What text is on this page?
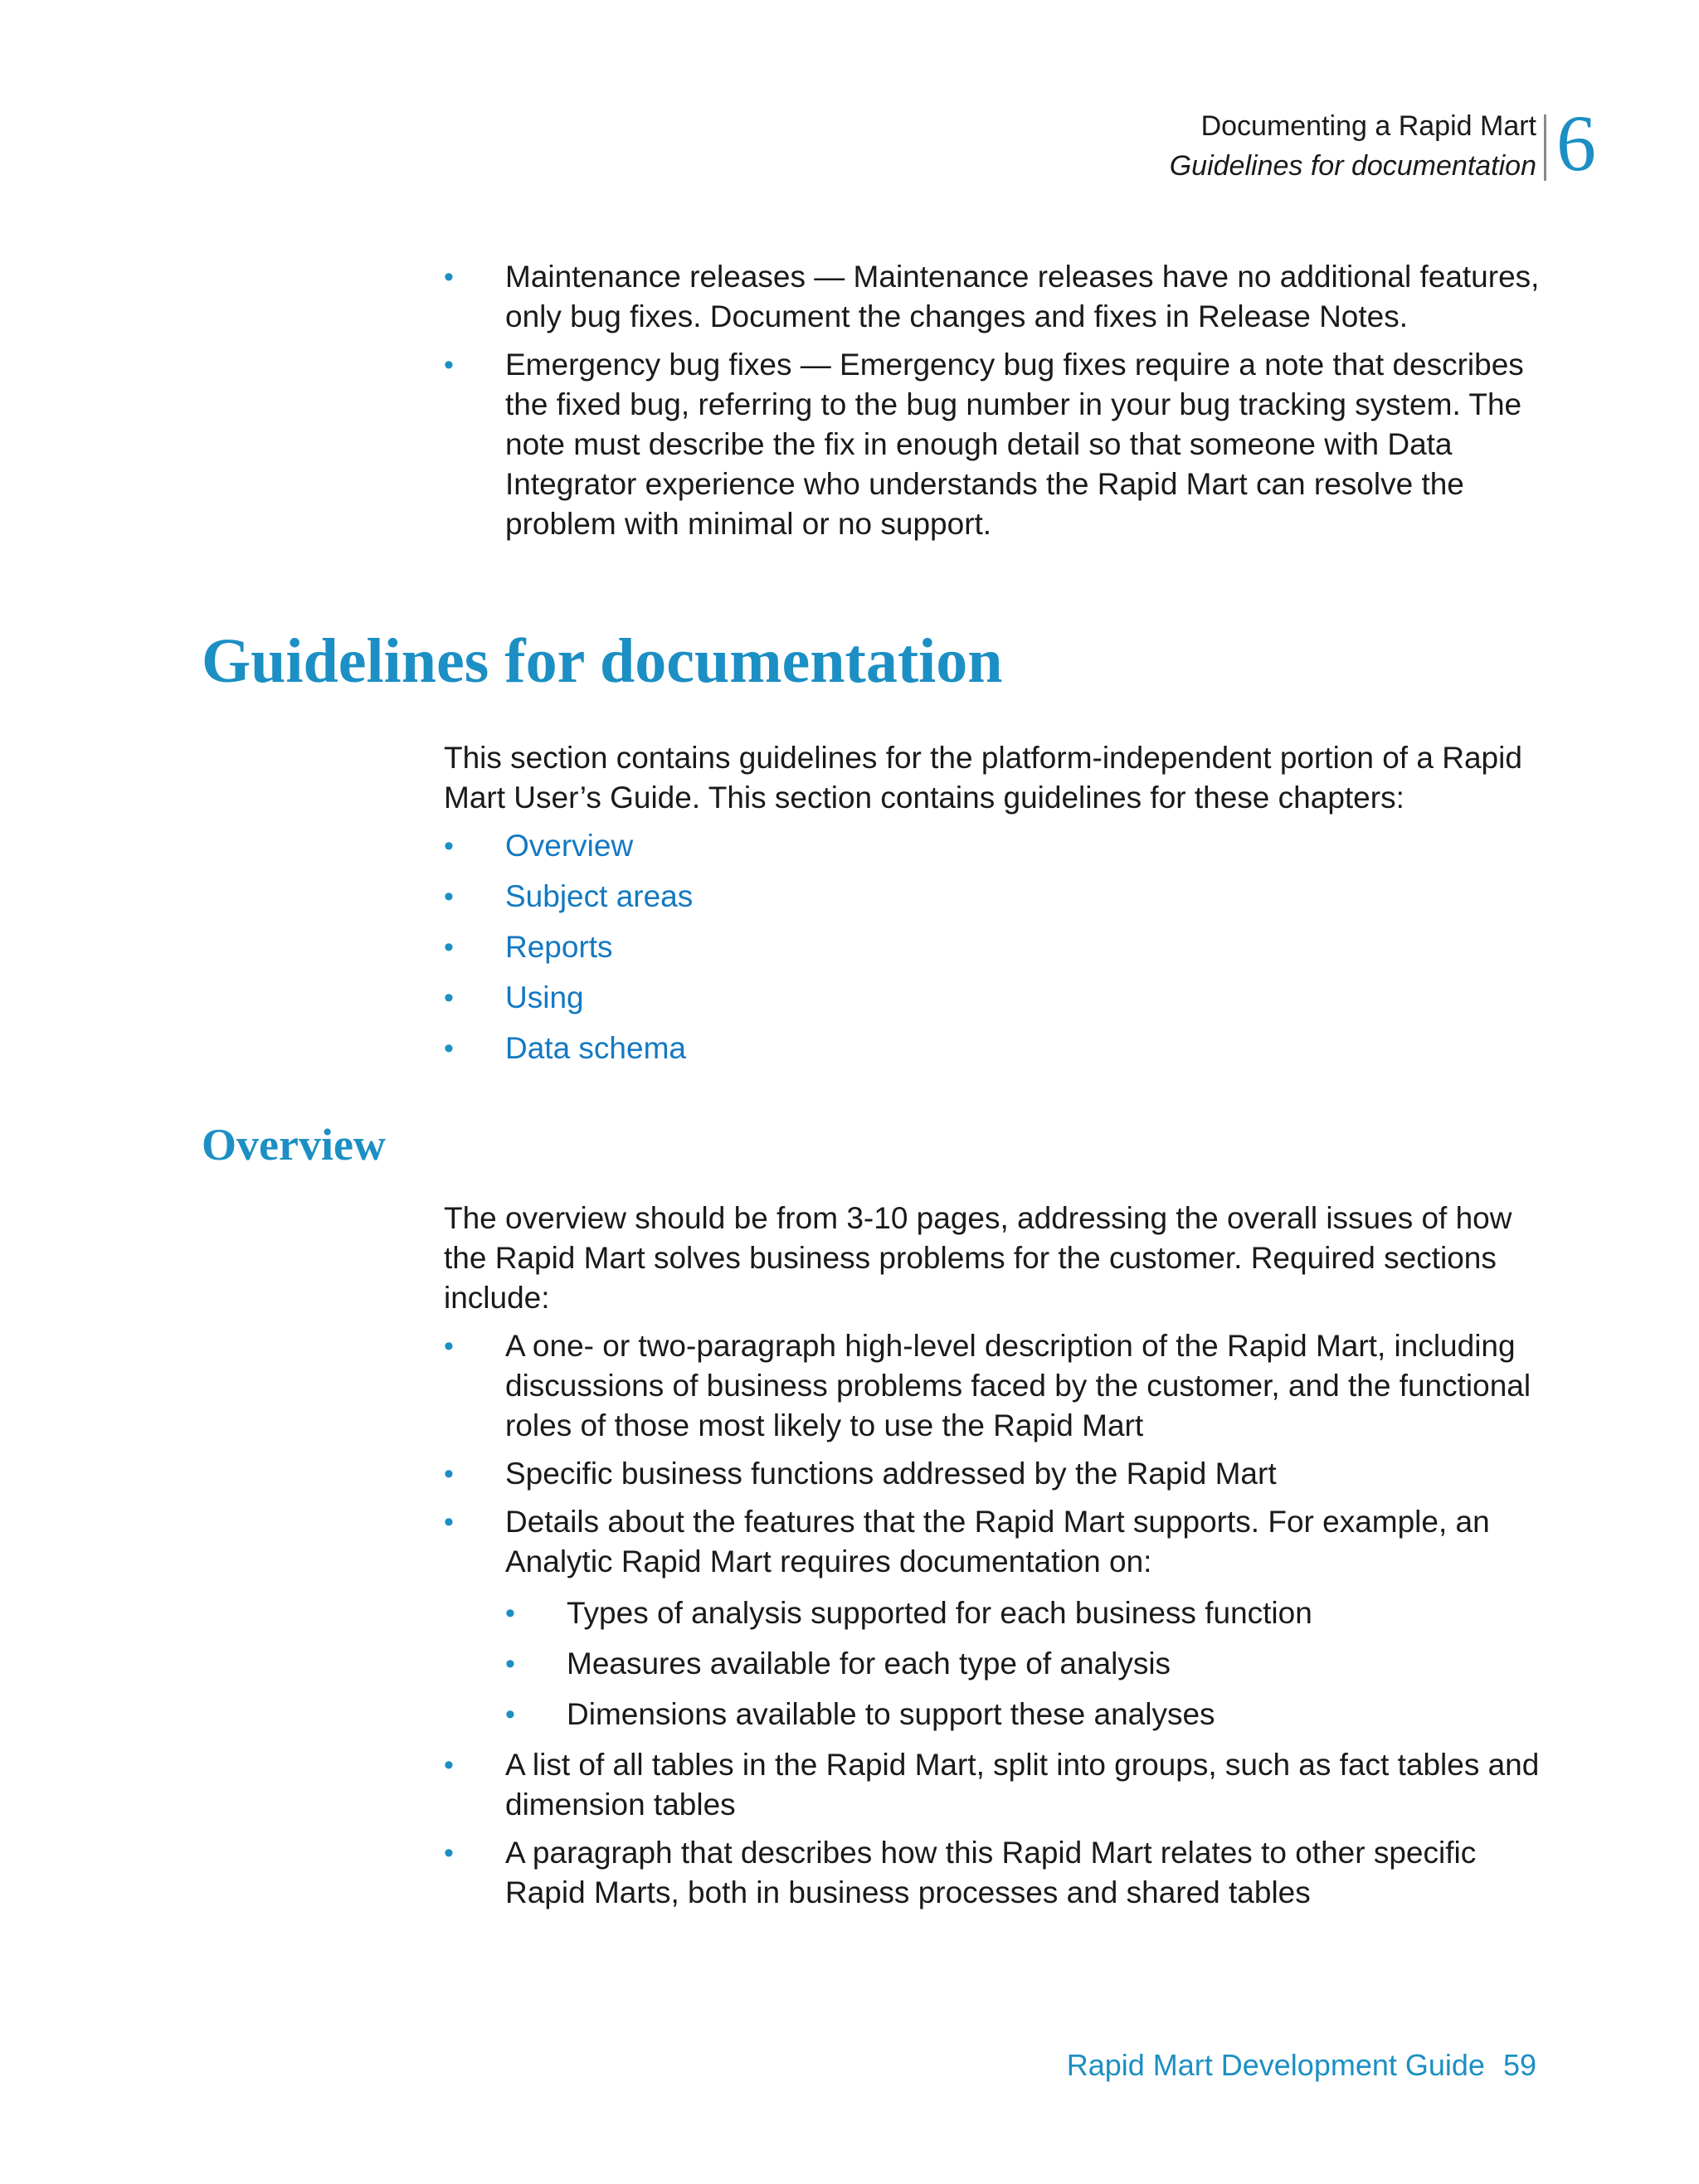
Documenting a Rapid Mart
Guidelines for documentation 6
• Maintenance releases — Maintenance releases have no additional features, only bug fixes. Document the changes and fixes in Release Notes.
• Emergency bug fixes — Emergency bug fixes require a note that describes the fixed bug, referring to the bug number in your bug tracking system. The note must describe the fix in enough detail so that someone with Data Integrator experience who understands the Rapid Mart can resolve the problem with minimal or no support.
Guidelines for documentation

This section contains guidelines for the platform-independent portion of a Rapid Mart User’s Guide. This section contains guidelines for these chapters:

• Overview
• Subject areas
• Reports
• Using
• Data schema
Overview

The overview should be from 3-10 pages, addressing the overall issues of how the Rapid Mart solves business problems for the customer. Required sections include:

• A one- or two-paragraph high-level description of the Rapid Mart, including discussions of business problems faced by the customer, and the functional roles of those most likely to use the Rapid Mart
• Specific business functions addressed by the Rapid Mart
• Details about the features that the Rapid Mart supports. For example, an Analytic Rapid Mart requires documentation on:
• Types of analysis supported for each business function
• Measures available for each type of analysis
• Dimensions available to support these analyses
• A list of all tables in the Rapid Mart, split into groups, such as fact tables and dimension tables
• A paragraph that describes how this Rapid Mart relates to other specific Rapid Marts, both in business processes and shared tables
Rapid Mart Development Guide 59
